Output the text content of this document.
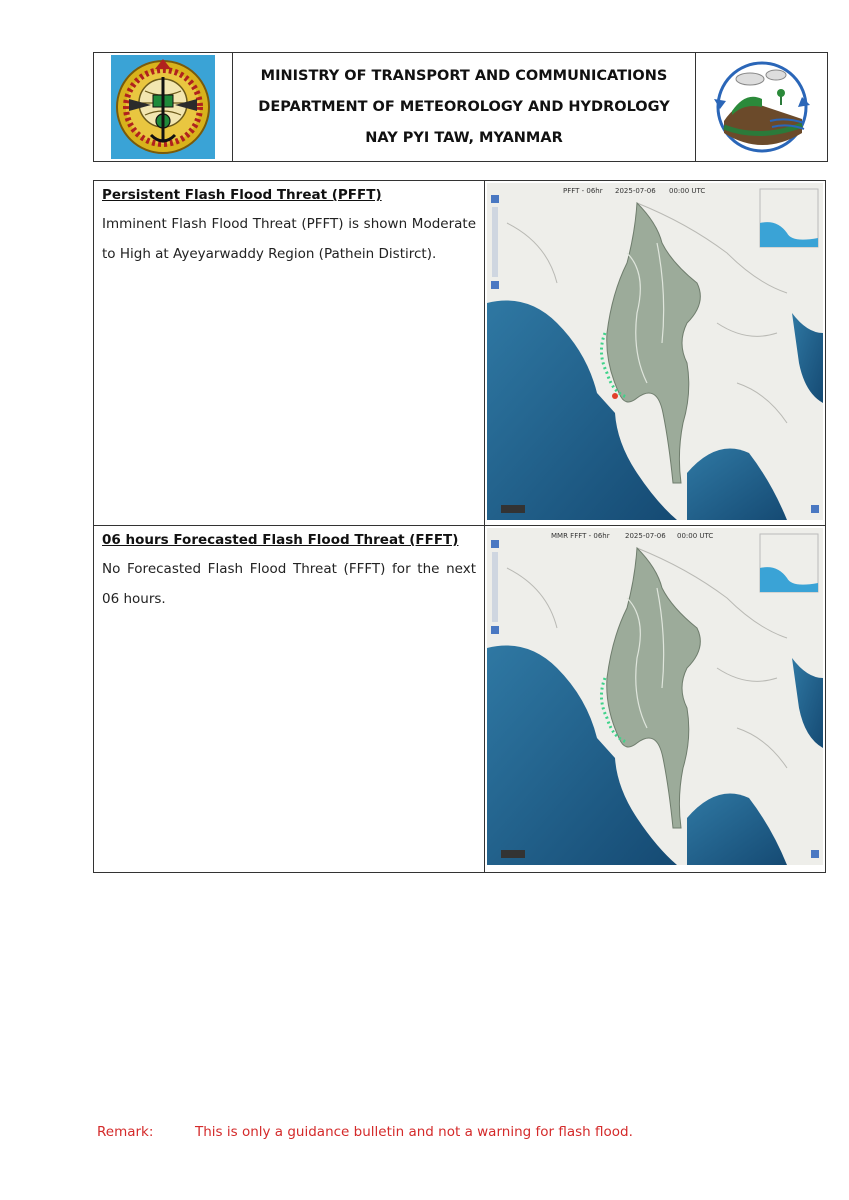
MINISTRY OF TRANSPORT AND COMMUNICATIONS
DEPARTMENT OF METEOROLOGY AND HYDROLOGY
NAY PYI TAW, MYANMAR
Persistent Flash Flood Threat (PFFT)

Imminent Flash Flood Threat (PFFT) is shown Moderate to High at Ayeyarwaddy Region (Pathein Distirct).

PFFT - 06hr 2025-07-06 00:00 UTC
06 hours Forecasted Flash Flood Threat (FFFT)

No Forecasted Flash Flood Threat (FFFT) for the next 06 hours.

MMR FFFT - 06hr 2025-07-06 00:00 UTC
Remark:	This is only a guidance bulletin and not a warning for flash flood.
